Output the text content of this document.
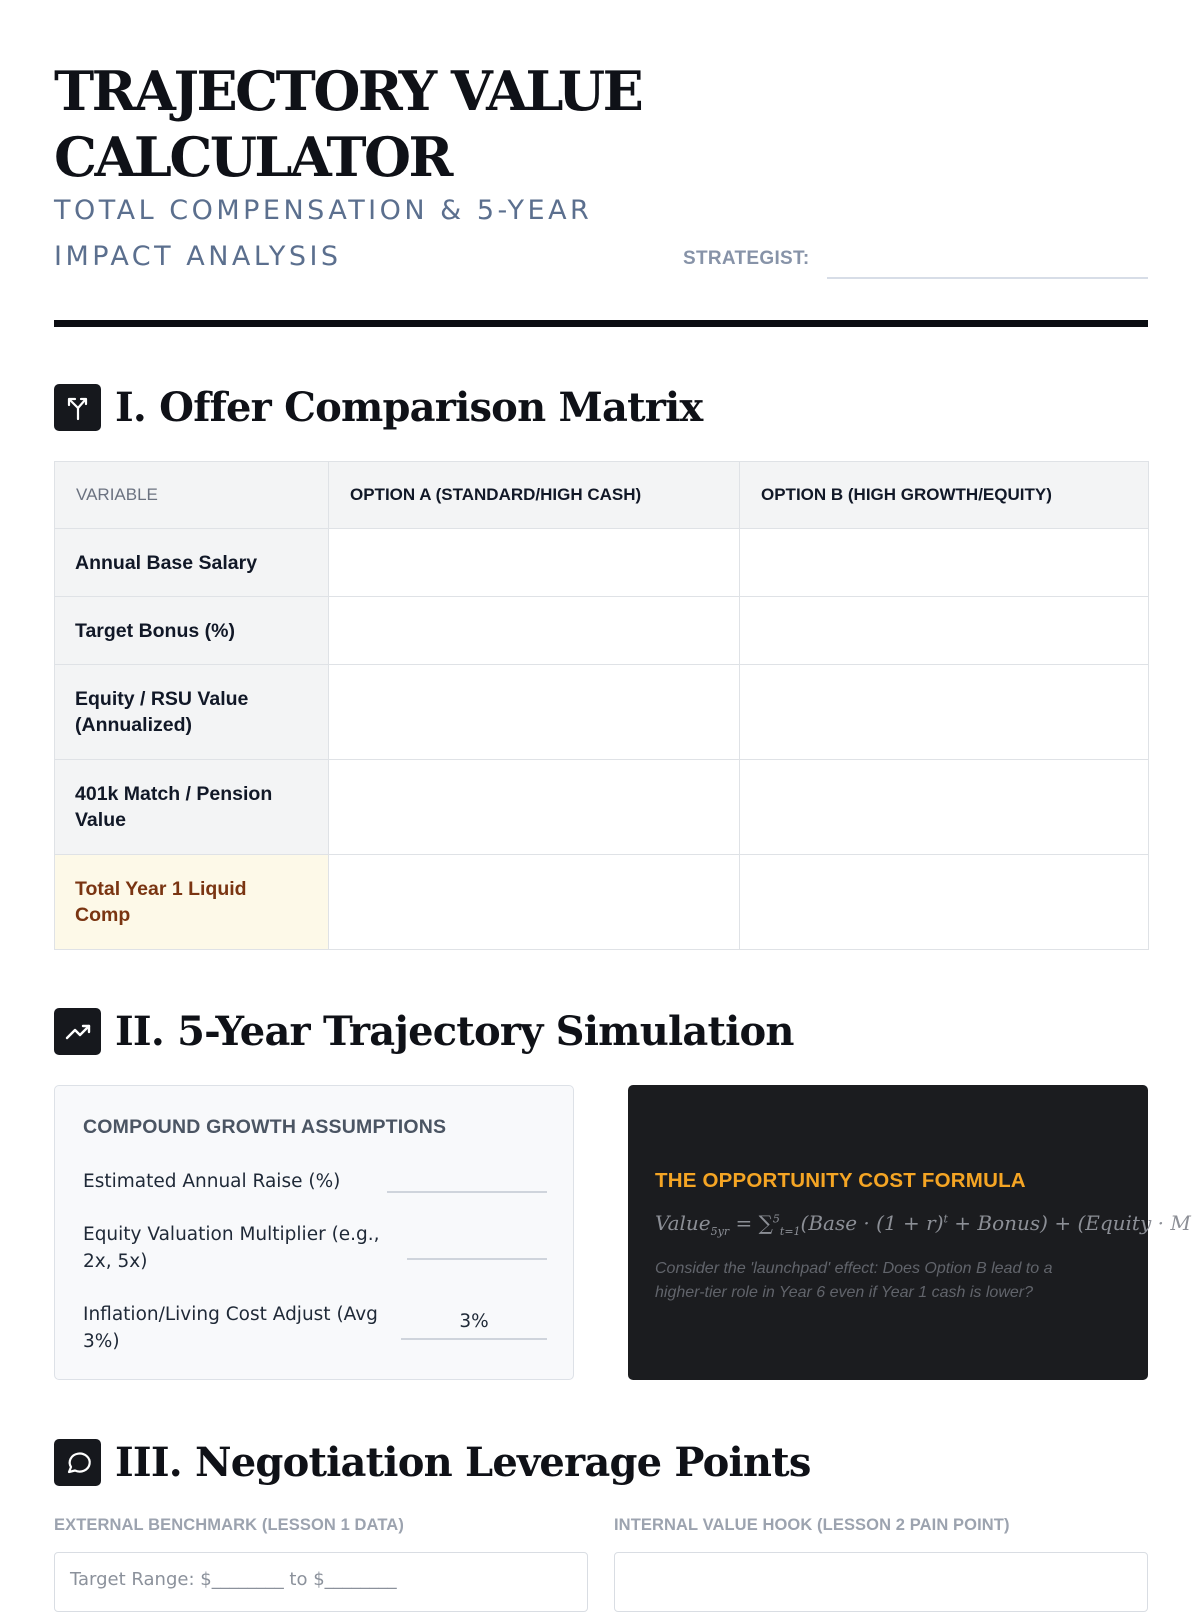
TRAJECTORY VALUE
CALCULATOR
TOTAL COMPENSATION & 5-YEAR
IMPACT ANALYSIS	STRATEGIST:
I. Offer Comparison Matrix
VARIABLE	OPTION A (STANDARD/HIGH CASH)	OPTION B (HIGH GROWTH/EQUITY)

Annual Base Salary		

Target Bonus (%)		

Equity / RSU Value
(Annualized)		

401k Match / Pension
Value		

Total Year 1 Liquid
Comp		

II. 5-Year Trajectory Simulation
COMPOUND GROWTH ASSUMPTIONS
Estimated Annual Raise (%)
Equity Valuation Multiplier (e.g.,
2x, 5x)
Inflation/Living Cost Adjust (Avg
3%)
3%
THE OPPORTUNITY COST FORMULA
Value$_{5yr}$ = ∑$^5_{t=1}$(Base · $(1 + r)^t$ + Bonus) + (Equity · M
Consider the 'launchpad' effect: Does Option B lead to a
higher-tier role in Year 6 even if Year 1 cash is lower?
III. Negotiation Leverage Points
EXTERNAL BENCHMARK (LESSON 1 DATA)
Target Range: $________ to $________
INTERNAL VALUE HOOK (LESSON 2 PAIN POINT)
